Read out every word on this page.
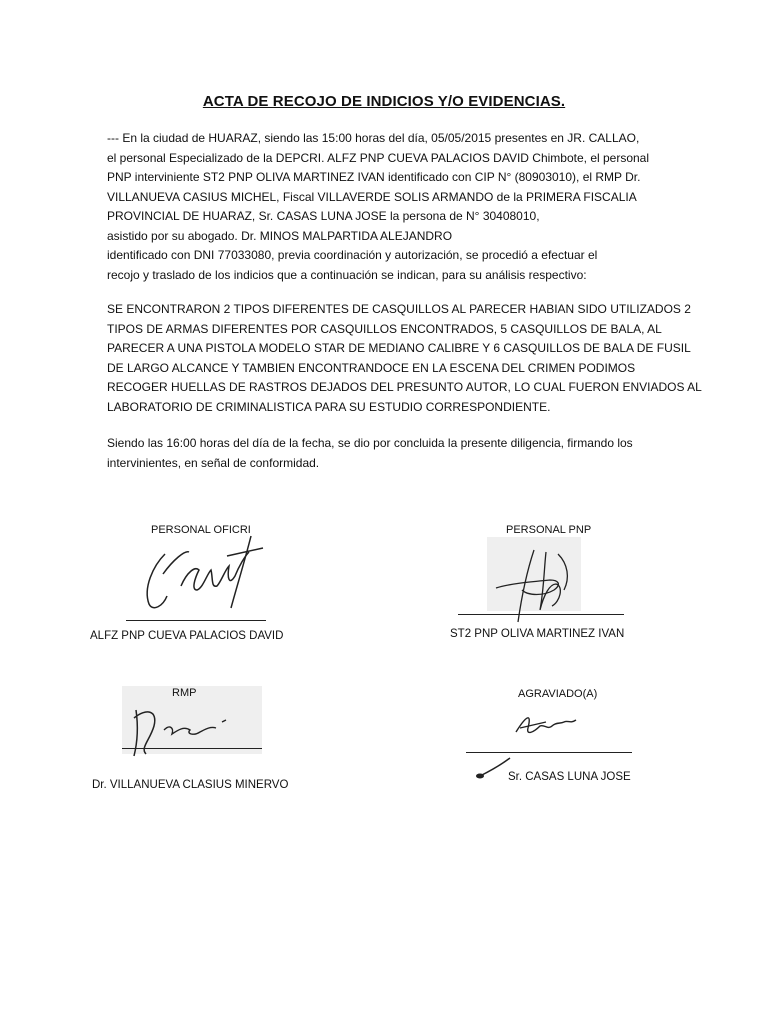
ACTA DE RECOJO DE INDICIOS Y/O EVIDENCIAS.
--- En la ciudad de HUARAZ, siendo las 15:00 horas del día, 05/05/2015 presentes en JR. CALLAO,
el personal Especializado de la DEPCRI. ALFZ PNP CUEVA PALACIOS DAVID Chimbote, el personal
PNP interviniente ST2 PNP OLIVA MARTINEZ IVAN identificado con CIP N° (80903010), el RMP Dr.
VILLANUEVA CASIUS MICHEL, Fiscal VILLAVERDE SOLIS ARMANDO de la PRIMERA FISCALIA
PROVINCIAL DE HUARAZ, Sr. CASAS LUNA JOSE la persona de N° 30408010,
asistido por su abogado. Dr. MINOS MALPARTIDA ALEJANDRO
identificado con DNI 77033080, previa coordinación y autorización, se procedió a efectuar el
recojo y traslado de los indicios que a continuación se indican, para su análisis respectivo:
SE ENCONTRARON 2 TIPOS DIFERENTES DE CASQUILLOS AL PARECER HABIAN SIDO UTILIZADOS 2
TIPOS DE ARMAS DIFERENTES POR CASQUILLOS ENCONTRADOS, 5 CASQUILLOS DE BALA, AL
PARECER A UNA PISTOLA MODELO STAR DE MEDIANO CALIBRE Y 6 CASQUILLOS DE BALA DE FUSIL
DE LARGO ALCANCE Y TAMBIEN ENCONTRANDOCE EN LA ESCENA DEL CRIMEN PODIMOS
RECOGER HUELLAS DE RASTROS DEJADOS DEL PRESUNTO AUTOR, LO CUAL FUERON ENVIADOS AL
LABORATORIO DE CRIMINALISTICA PARA SU ESTUDIO CORRESPONDIENTE.
Siendo las 16:00 horas del día de la fecha, se dio por concluida la presente diligencia, firmando los
intervinientes, en señal de conformidad.
PERSONAL OFICRI
ALFZ PNP CUEVA PALACIOS DAVID
PERSONAL PNP
ST2 PNP OLIVA MARTINEZ IVAN
RMP
Dr. VILLANUEVA CLASIUS MINERVO
AGRAVIADO(A)
Sr. CASAS LUNA JOSE
